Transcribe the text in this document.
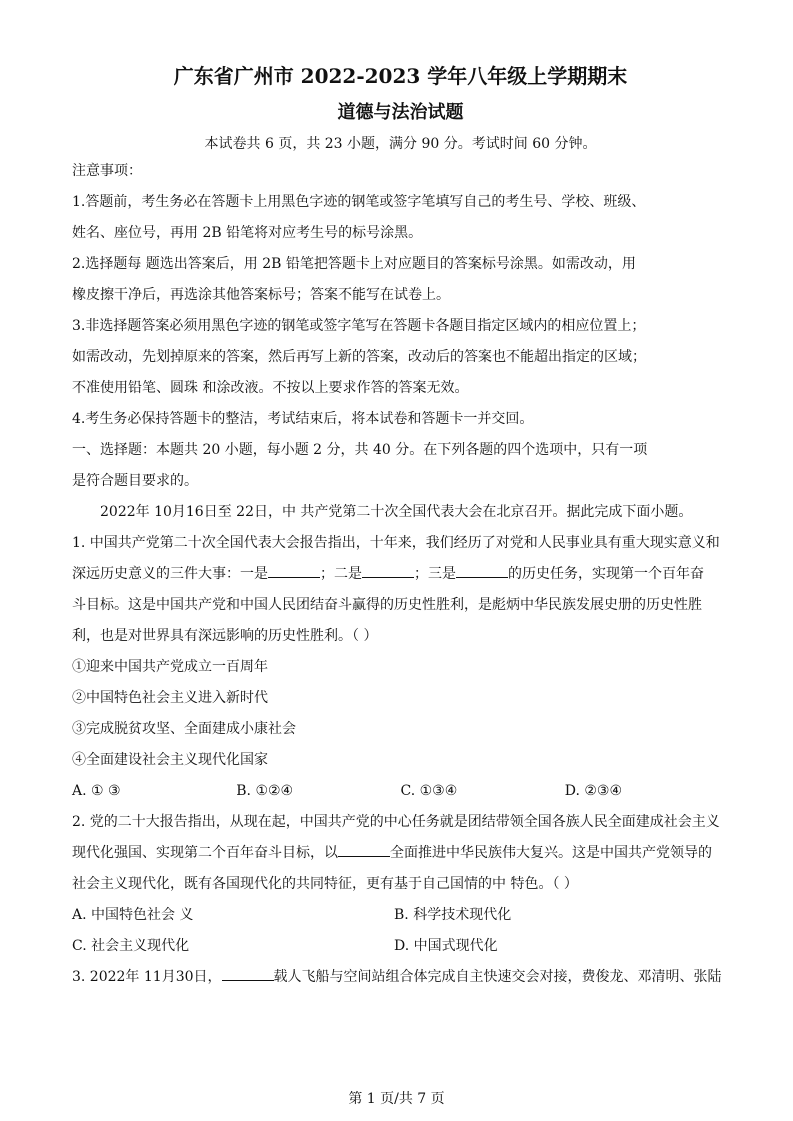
广东省广州市 2022-2023 学年八年级上学期期末

道德与法治试题

本试卷共 6 页，共 23 小题，满分 90 分。考试时间 60 分钟。

注意事项：

1.答题前，考生务必在答题卡上用黑色字迹的钢笔或签字笔填写自己的考生号、学校、班级、

姓名、座位号，再用 2B 铅笔将对应考生号的标号涂黑。

2.选择题每 题选出答案后，用 2B 铅笔把答题卡上对应题目的答案标号涂黑。如需改动，用

橡皮擦干净后，再选涂其他答案标号；答案不能写在试卷上。

3.非选择题答案必须用黑色字迹的钢笔或签字笔写在答题卡各题目指定区域内的相应位置上；

如需改动，先划掉原来的答案，然后再写上新的答案，改动后的答案也不能超出指定的区域；

不准使用铅笔、圆珠 和涂改液。不按以上要求作答的答案无效。

4.考生务必保持答题卡的整洁，考试结束后，将本试卷和答题卡一并交回。

一、选择题：本题共 20 小题，每小题 2 分，共 40 分。在下列各题的四个选项中，只有一项

是符合题目要求的。

2022年 10月16日至 22日，中 共产党第二十次全国代表大会在北京召开。据此完成下面小题。

1. 中国共产党第二十次全国代表大会报告指出，十年来，我们经历了对党和人民事业具有重大现实意义和

深远历史意义的三件大事：一是	；二是	；三是	的历史任务，实现第一个百年奋

斗目标。这是中国共产党和中国人民团结奋斗赢得的历史性胜利，是彪炳中华民族发展史册的历史性胜

利，也是对世界具有深远影响的历史性胜利。（ ）

①迎来中国共产党成立一百周年

②中国特色社会主义进入新时代

③完成脱贫攻坚、全面建成小康社会

④全面建设社会主义现代化国家

A. ① ③	B. ①②④	C. ①③④	D. ②③④

2. 党的二十大报告指出，从现在起，中国共产党的中心任务就是团结带领全国各族人民全面建成社会主义

现代化强国、实现第二个百年奋斗目标，以	全面推进中华民族伟大复兴。这是中国共产党领导的

社会主义现代化，既有各国现代化的共同特征，更有基于自己国情的中 特色。（ ）

A. 中国特色社会 义	B. 科学技术现代化
C. 社会主义现代化	D. 中国式现代化

3. 2022年 11月30日，	载人飞船与空间站组合体完成自主快速交会对接，费俊龙、邓清明、张陆

第 1 页/共 7 页
